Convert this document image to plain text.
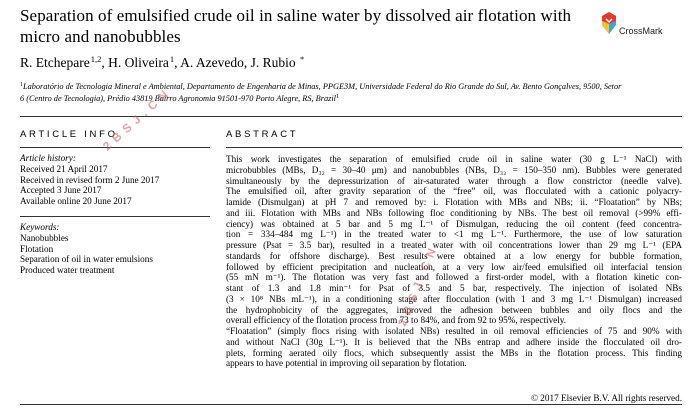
Separation of emulsified crude oil in saline water by dissolved air flotation with micro and nanobubbles	CrossMark
R. Etchepare$^{1,2}$, H. Oliveira$^1$, A. Azevedo, J. Rubio *
$^1$Laboratório de Tecnologia Mineral e Ambiental, Departamento de Engenharia de Minas, PPGE3M, Universidade Federal do Rio Grande do Sul, Av. Bento Gonçalves, 9500, Setor
6 (Centro de Tecnologia), Prédio 43819 Bairro Agronomia 91501-970 Porto Alegre, RS, Brazil$^1$
ARTICLE INFO	ABSTRACT
Article history:
Received 21 April 2017
Received in revised form 2 June 2017
Accepted 3 June 2017
Available online 20 June 2017
Keywords:
Nanobubbles
Flotation
Separation of oil in water emulsions
Produced water treatment
This work investigates the separation of emulsified crude oil in saline water (30 g L⁻¹ NaCl) with
microbubbles (MBs, D₃₂ = 30–40 μm) and nanobubbles (NBs, D₃₂ = 150–350 nm). Bubbles were generated
simultaneously by the depressurization of air-saturated water through a flow constrictor (needle valve).
The emulsified oil, after gravity separation of the “free” oil, was flocculated with a cationic polyacry-
lamide (Dismulgan) at pH 7 and removed by: i. Flotation with MBs and NBs; ii. “Floatation” by NBs;
and iii. Flotation with MBs and NBs following floc conditioning by NBs. The best oil removal (>99% effi-
ciency) was obtained at 5 bar and 5 mg L⁻¹ of Dismulgan, reducing the oil content (feed concentra-
tion = 334–484 mg L⁻¹) in the treated water to <1 mg L⁻¹. Furthermore, the use of low saturation
pressure (Psat = 3.5 bar), resulted in a treated water with oil concentrations lower than 29 mg L⁻¹ (EPA
standards for offshore discharge). Best results were obtained at a low energy for bubble formation,
followed by efficient precipitation and nucleation, at a very low air/feed emulsified oil interfacial tension
(55 mN m⁻¹). The flotation was very fast and followed a first-order model, with a flotation kinetic con-
stant of 1.3 and 1.8 min⁻¹ for Psat of 3.5 and 5 bar, respectively. The injection of isolated NBs
(3 × 10⁸ NBs mL⁻¹), in a conditioning stage after flocculation (with 1 and 3 mg L⁻¹ Dismulgan) increased
the hydrophobicity of the aggregates, improved the adhesion between bubbles and oily flocs and the
overall efficiency of the flotation process from 73 to 84%, and from 92 to 95%, respectively.
“Floatation” (simply flocs rising with isolated NBs) resulted in oil removal efficiencies of 75 and 90% with
and without NaCl (30g L⁻¹). It is believed that the NBs entrap and adhere inside the flocculated oil dro-
plets, forming aerated oily flocs, which subsequently assist the MBs in the flotation process. This finding
appears to have potential in improving oil separation by flotation.
© 2017 Elsevier B.V. All rights reserved.
2 B S J . C N
2 B S J . C N
